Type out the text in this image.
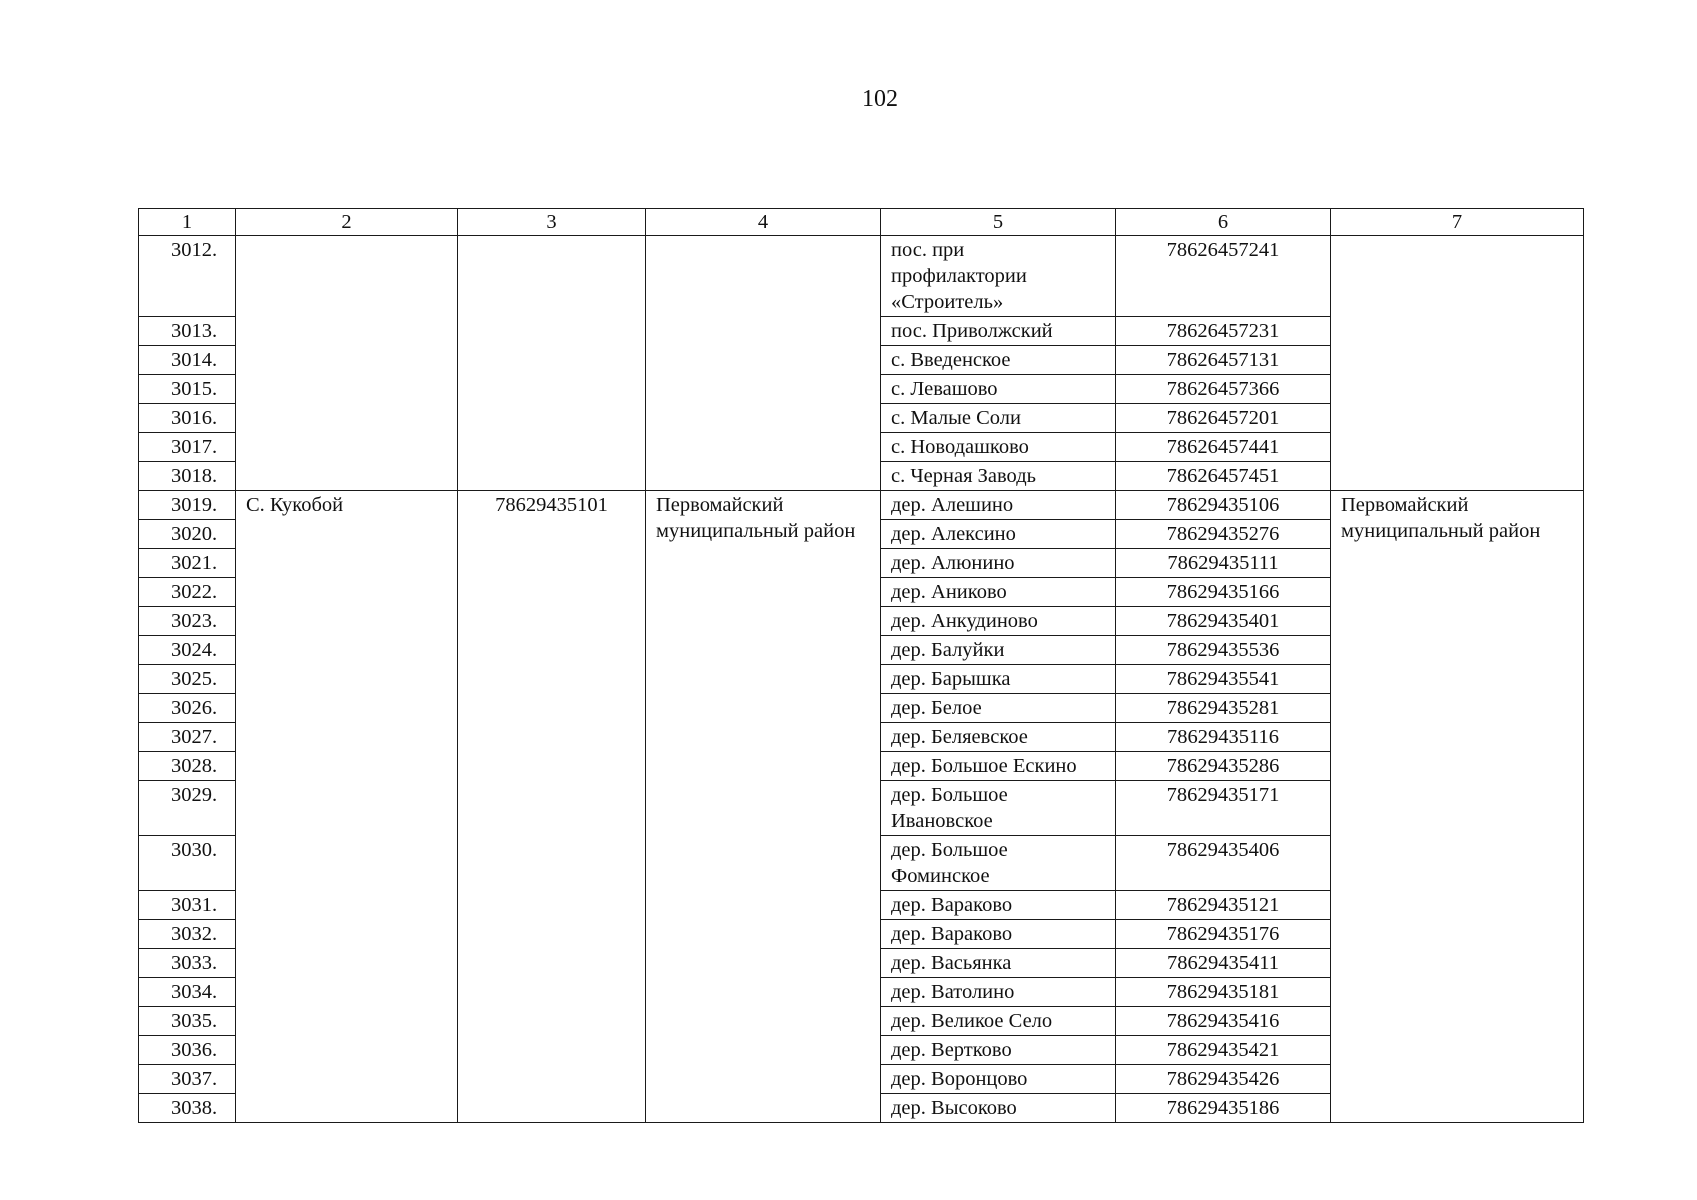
102
1	2	3	4	5	6	7
3012.				пос. при профилактории «Строитель»	78626457241	
3013.				пос. Приволжский	78626457231	
3014.				с. Введенское	78626457131	
3015.				с. Левашово	78626457366	
3016.				с. Малые Соли	78626457201	
3017.				с. Новодашково	78626457441	
3018.				с. Черная Заводь	78626457451	
3019.	С. Кукобой	78629435101	Первомайский муниципальный район	дер. Алешино	78629435106	Первомайский муниципальный район
3020.				дер. Алексино	78629435276	
3021.				дер. Алюнино	78629435111	
3022.				дер. Аниково	78629435166	
3023.				дер. Анкудиново	78629435401	
3024.				дер. Балуйки	78629435536	
3025.				дер. Барышка	78629435541	
3026.				дер. Белое	78629435281	
3027.				дер. Беляевское	78629435116	
3028.				дер. Большое Ескино	78629435286	
3029.				дер. Большое Ивановское	78629435171	
3030.				дер. Большое Фоминское	78629435406	
3031.				дер. Вараково	78629435121	
3032.				дер. Вараково	78629435176	
3033.				дер. Васьянка	78629435411	
3034.				дер. Ватолино	78629435181	
3035.				дер. Великое Село	78629435416	
3036.				дер. Вертково	78629435421	
3037.				дер. Воронцово	78629435426	
3038.				дер. Высоково	78629435186	
